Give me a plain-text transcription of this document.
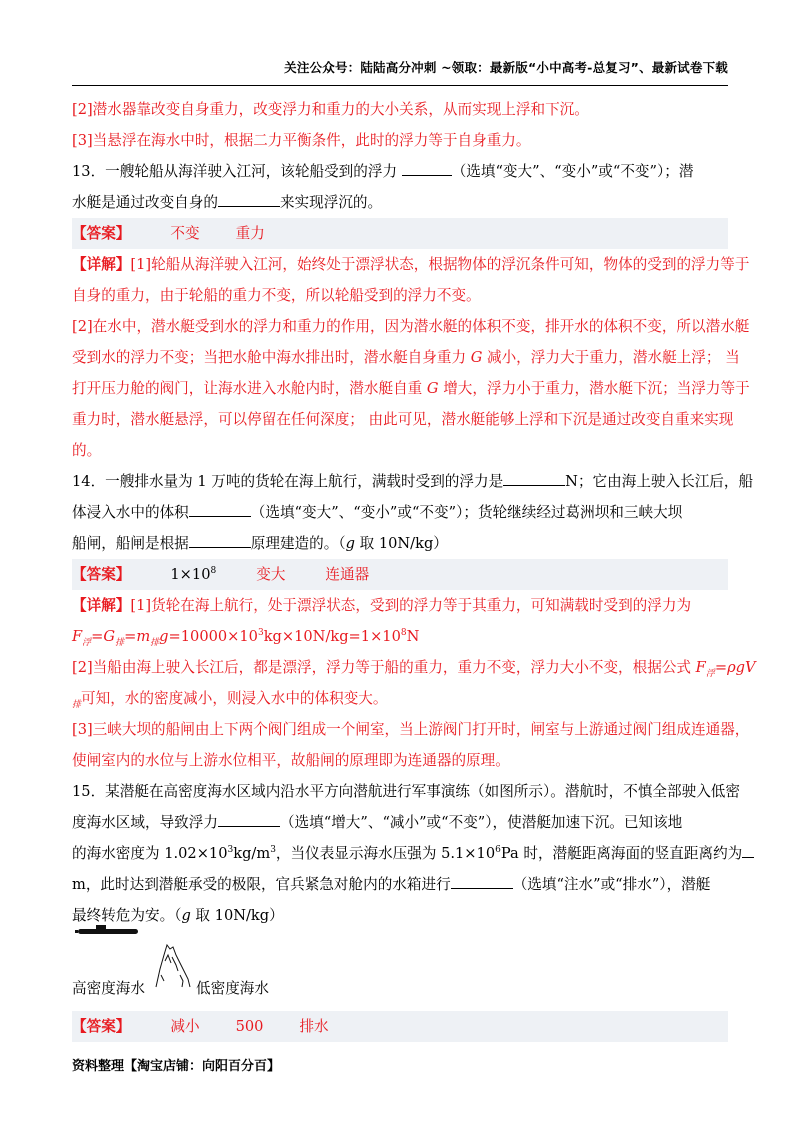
关注公众号：陆陆高分冲刺 ~领取：最新版“小中高考-总复习”、最新试卷下载

[2]潜水器靠改变自身重力，改变浮力和重力的大小关系，从而实现上浮和下沉。

[3]当悬浮在海水中时，根据二力平衡条件，此时的浮力等于自身重力。

13．一艘轮船从海洋驶入江河，该轮船受到的浮力	（选填“变大”、“变小”或“不变”）；潜

水艇是通过改变自身的	来实现浮沉的。

【答案】	不变 重力

【详解】[1]轮船从海洋驶入江河，始终处于漂浮状态，根据物体的浮沉条件可知，物体的受到的浮力等于

自身的重力，由于轮船的重力不变，所以轮船受到的浮力不变。

[2]在水中，潜水艇受到水的浮力和重力的作用，因为潜水艇的体积不变，排开水的体积不变，所以潜水艇

受到水的浮力不变；当把水舱中海水排出时，潜水艇自身重力 G 减小，浮力大于重力，潜水艇上浮； 当

打开压力舱的阀门，让海水进入水舱内时，潜水艇自重 G 增大，浮力小于重力，潜水艇下沉；当浮力等于

重力时，潜水艇悬浮，可以停留在任何深度； 由此可见，潜水艇能够上浮和下沉是通过改变自重来实现

的。

14．一艘排水量为 1 万吨的货轮在海上航行，满载时受到的浮力是	N；它由海上驶入长江后，船

体浸入水中的体积	（选填“变大”、“变小”或“不变”）；货轮继续经过葛洲坝和三峡大坝

船闸，船闸是根据	原理建造的。（g 取 10N/kg）

【答案】	$1\times 10^8$	变大	连通器

【详解】[1]货轮在海上航行，处于漂浮状态，受到的浮力等于其重力，可知满载时受到的浮力为

$F_浮=G_排=m_排g=10000\times 10^3kg\times 10N/kg=1\times 10^8N$

[2]当船由海上驶入长江后，都是漂浮，浮力等于船的重力，重力不变，浮力大小不变，根据公式 $F_浮=\rho gV$

$_排$可知，水的密度减小，则浸入水中的体积变大。

[3]三峡大坝的船闸由上下两个阀门组成一个闸室，当上游阀门打开时，闸室与上游通过阀门组成连通器，

使闸室内的水位与上游水位相平，故船闸的原理即为连通器的原理。

15．某潜艇在高密度海水区域内沿水平方向潜航进行军事演练（如图所示）。潜航时，不慎全部驶入低密

度海水区域，导致浮力	（选填“增大”、“减小”或“不变”），使潜艇加速下沉。已知该地

的海水密度为 $1.02\times 10^3kg/m^3$，当仪表显示海水压强为 $5.1\times 10^6Pa$ 时，潜艇距离海面的竖直距离约为

m，此时达到潜艇承受的极限，官兵紧急对舱内的水箱进行	（选填“注水”或“排水”），潜艇

最终转危为安。（g 取 10N/kg）

高密度海水	低密度海水

【答案】	减小 500 排水

资料整理【淘宝店铺：向阳百分百】
